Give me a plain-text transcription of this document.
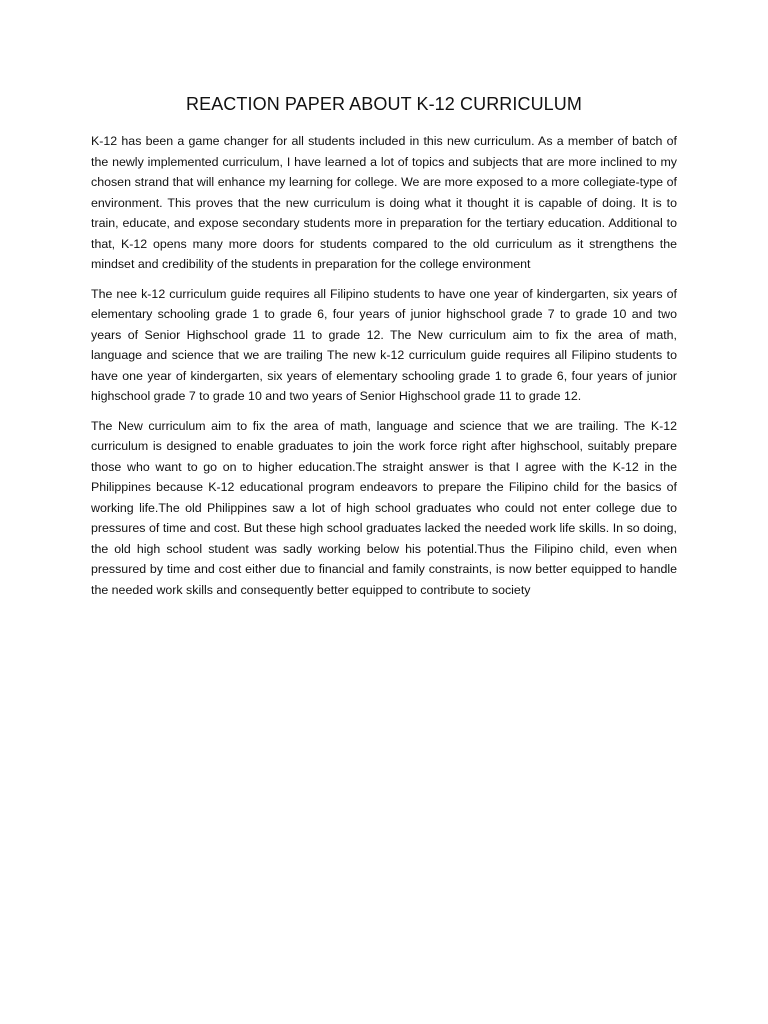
REACTION PAPER ABOUT K-12 CURRICULUM

K-12 has been a game changer for all students included in this new curriculum. As a member of batch of the newly implemented curriculum, I have learned a lot of topics and subjects that are more inclined to my chosen strand that will enhance my learning for college. We are more exposed to a more collegiate-type of environment. This proves that the new curriculum is doing what it thought it is capable of doing. It is to train, educate, and expose secondary students more in preparation for the tertiary education. Additional to that, K-12 opens many more doors for students compared to the old curriculum as it strengthens the mindset and credibility of the students in preparation for the college environment

The nee k-12 curriculum guide requires all Filipino students to have one year of kindergarten, six years of elementary schooling grade 1 to grade 6, four years of junior highschool grade 7 to grade 10 and two years of Senior Highschool grade 11 to grade 12. The New curriculum aim to fix the area of math, language and science that we are trailing The new k-12 curriculum guide requires all Filipino students to have one year of kindergarten, six years of elementary schooling grade 1 to grade 6, four years of junior highschool grade 7 to grade 10 and two years of Senior Highschool grade 11 to grade 12.

The New curriculum aim to fix the area of math, language and science that we are trailing. The K-12 curriculum is designed to enable graduates to join the work force right after highschool, suitably prepare those who want to go on to higher education.The straight answer is that I agree with the K-12 in the Philippines because K-12 educational program endeavors to prepare the Filipino child for the basics of working life.The old Philippines saw a lot of high school graduates who could not enter college due to pressures of time and cost. But these high school graduates lacked the needed work life skills. In so doing, the old high school student was sadly working below his potential.Thus the Filipino child, even when pressured by time and cost either due to financial and family constraints, is now better equipped to handle the needed work skills and consequently better equipped to contribute to society
